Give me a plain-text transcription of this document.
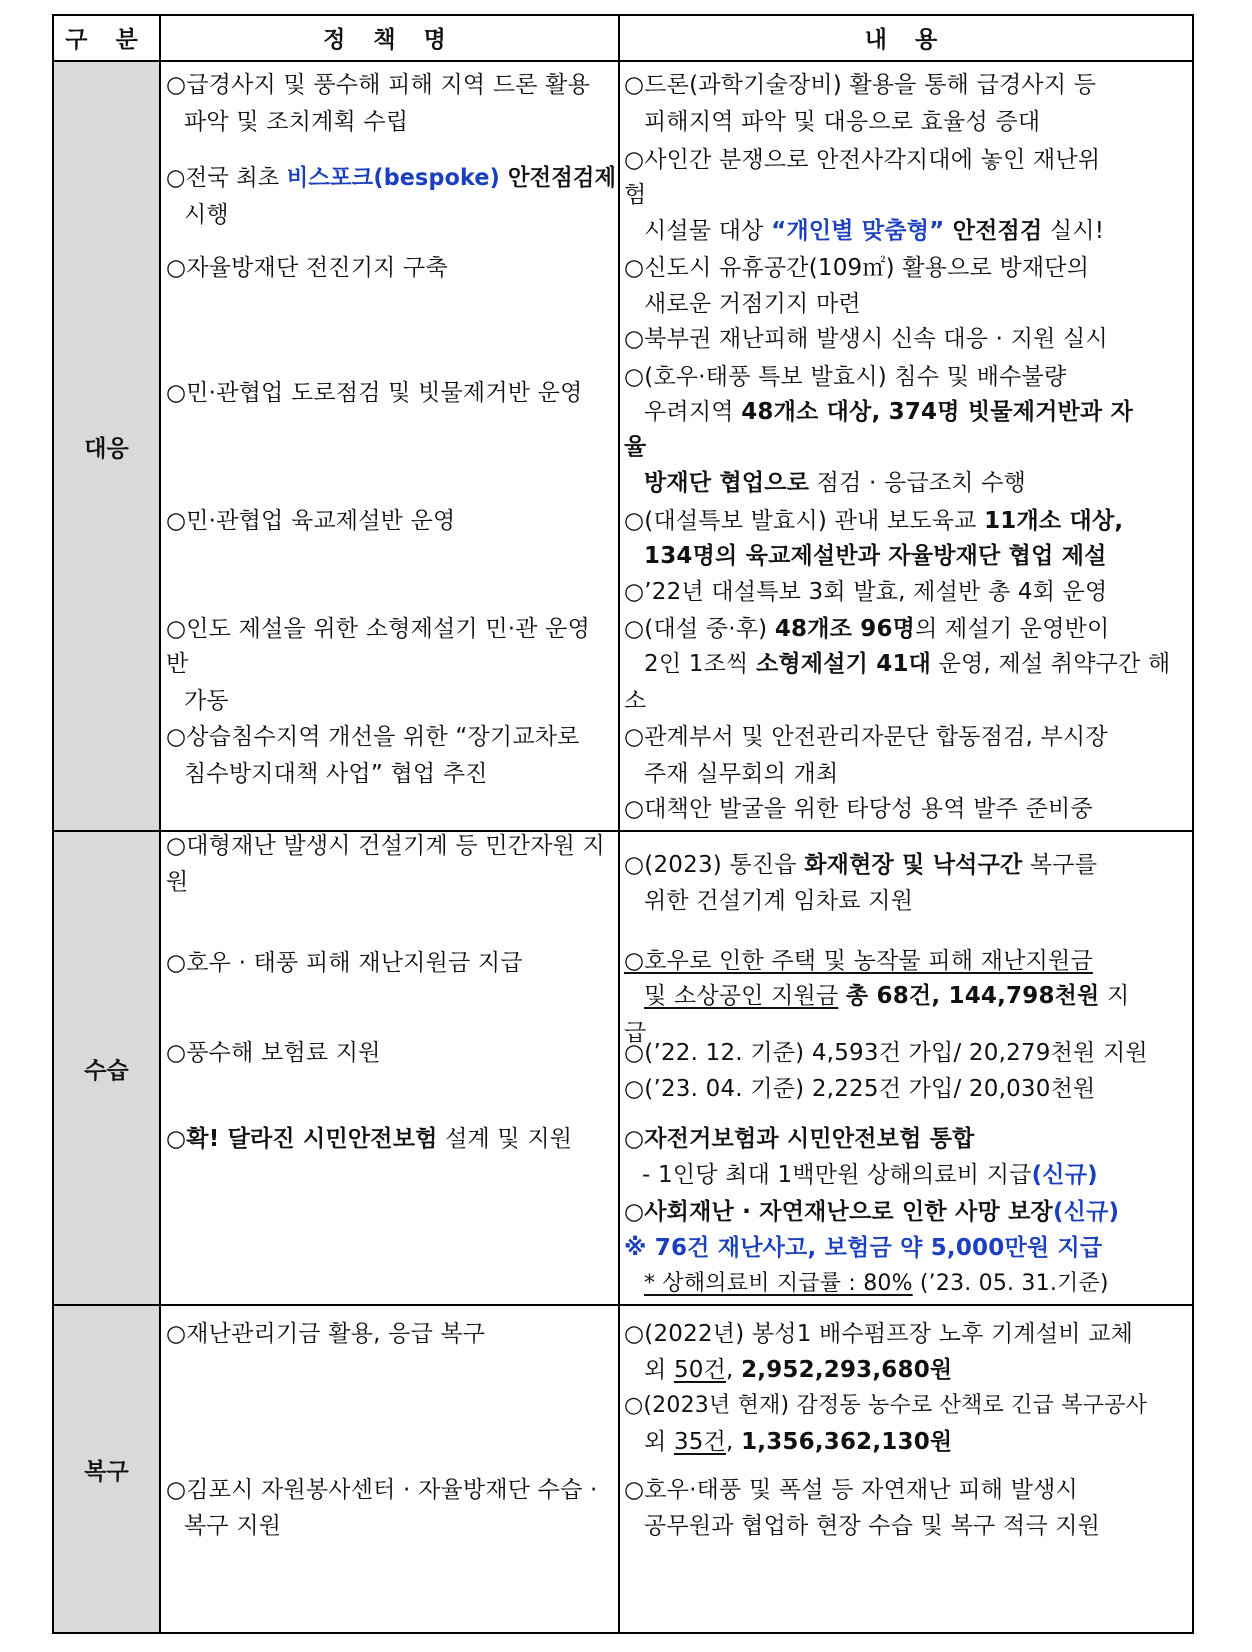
대응
수습
복구
구 분	정 책 명	내 용
○급경사지 및 풍수해 피해 지역 드론 활용
파악 및 조치계획 수립
○전국 최초 비스포크(bespoke) 안전점검제
시행
○자율방재단 전진기지 구축
○민·관협업 도로점검 및 빗물제거반 운영
○민·관협업 육교제설반 운영
○인도 제설을 위한 소형제설기 민·관 운영
반
가동
○상습침수지역 개선을 위한 “장기교차로
침수방지대책 사업” 협업 추진
○대형재난 발생시 건설기계 등 민간자원 지
원
○호우 · 태풍 피해 재난지원금 지급
○풍수해 보험료 지원
○확! 달라진 시민안전보험 설계 및 지원
○재난관리기금 활용, 응급 복구
○김포시 자원봉사센터 · 자율방재단 수습 ·
복구 지원
○드론(과학기술장비) 활용을 통해 급경사지 등
피해지역 파악 및 대응으로 효율성 증대
○사인간 분쟁으로 안전사각지대에 놓인 재난위
험
시설물 대상 “개인별 맞춤형” 안전점검 실시!
○신도시 유휴공간(109㎡) 활용으로 방재단의
새로운 거점기지 마련
○북부권 재난피해 발생시 신속 대응 · 지원 실시
○(호우·태풍 특보 발효시) 침수 및 배수불량
우려지역 48개소 대상, 374명 빗물제거반과 자
율
방재단 협업으로 점검 · 응급조치 수행
○(대설특보 발효시) 관내 보도육교 11개소 대상,
134명의 육교제설반과 자율방재단 협업 제설
○’22년 대설특보 3회 발효, 제설반 총 4회 운영
○(대설 중·후) 48개조 96명의 제설기 운영반이
2인 1조씩 소형제설기 41대 운영, 제설 취약구간 해
소
○관계부서 및 안전관리자문단 합동점검, 부시장
주재 실무회의 개최
○대책안 발굴을 위한 타당성 용역 발주 준비중
○(2023) 통진읍 화재현장 및 낙석구간 복구를
위한 건설기계 임차료 지원
○호우로 인한 주택 및 농작물 피해 재난지원금
및 소상공인 지원금 총 68건, 144,798천원 지
급
○(’22. 12. 기준) 4,593건 가입/ 20,279천원 지원
○(’23. 04. 기준) 2,225건 가입/ 20,030천원
○자전거보험과 시민안전보험 통합
- 1인당 최대 1백만원 상해의료비 지급(신규)
○사회재난 · 자연재난으로 인한 사망 보장(신규)
※ 76건 재난사고, 보험금 약 5,000만원 지급
* 상해의료비 지급률 : 80% (’23. 05. 31.기준)
○(2022년) 봉성1 배수펌프장 노후 기계설비 교체
외 50건, 2,952,293,680원
○(2023년 현재) 감정동 농수로 산책로 긴급 복구공사
외 35건, 1,356,362,130원
○호우·태풍 및 폭설 등 자연재난 피해 발생시
공무원과 협업하 현장 수습 및 복구 적극 지원
